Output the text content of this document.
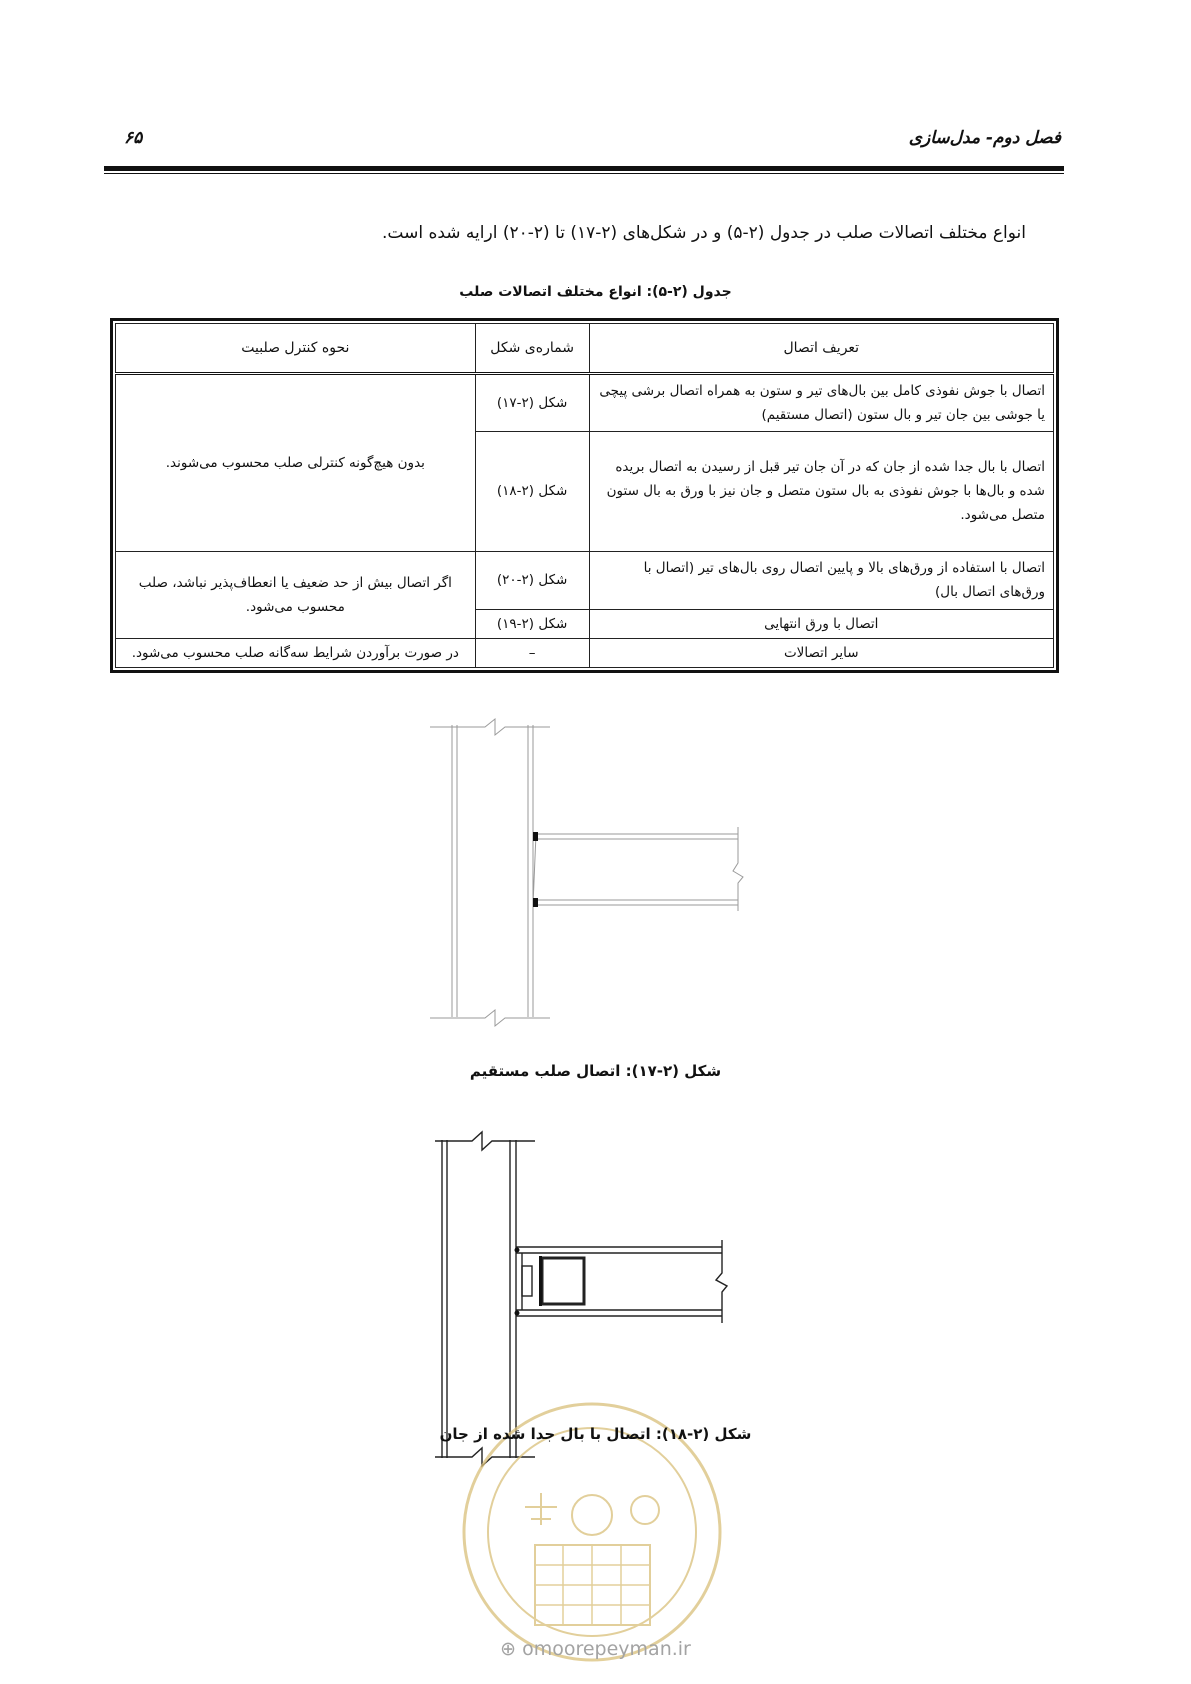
۶۵	فصل دوم- مدل‌سازی
انواع مختلف اتصالات صلب در جدول (۲-۵) و در شکل‌های (۲-۱۷) تا (۲-۲۰) ارایه شده است.
جدول (۲-۵): انواع مختلف اتصالات صلب
تعریف اتصال	شماره‌ی شکل	نحوه کنترل صلبیت
اتصال با جوش نفوذی کامل بین بال‌های تیر و ستون به همراه اتصال برشی پیچی یا جوشی بین جان تیر و بال ستون (اتصال مستقیم)	شکل (۲-۱۷)	بدون هیچ‌گونه کنترلی صلب محسوب می‌شوند.
اتصال با بال جدا شده از جان که در آن جان تیر قبل از رسیدن به اتصال بریده شده و بال‌ها با جوش نفوذی به بال ستون متصل و جان نیز با ورق به بال ستون متصل می‌شود.	شکل (۲-۱۸)	
اتصال با استفاده از ورق‌های بالا و پایین اتصال روی بال‌های تیر (اتصال با ورق‌های اتصال بال)	شکل (۲-۲۰)	اگر اتصال بیش از حد ضعیف یا انعطاف‌پذیر نباشد، صلب محسوب می‌شود.
اتصال با ورق انتهایی	شکل (۲-۱۹)	
سایر اتصالات	–	در صورت برآوردن شرایط سه‌گانه صلب محسوب می‌شود.
شکل (۲-۱۷): اتصال صلب مستقیم
شکل (۲-۱۸): اتصال با بال جدا شده از جان
⊕ omoorepeyman.ir
